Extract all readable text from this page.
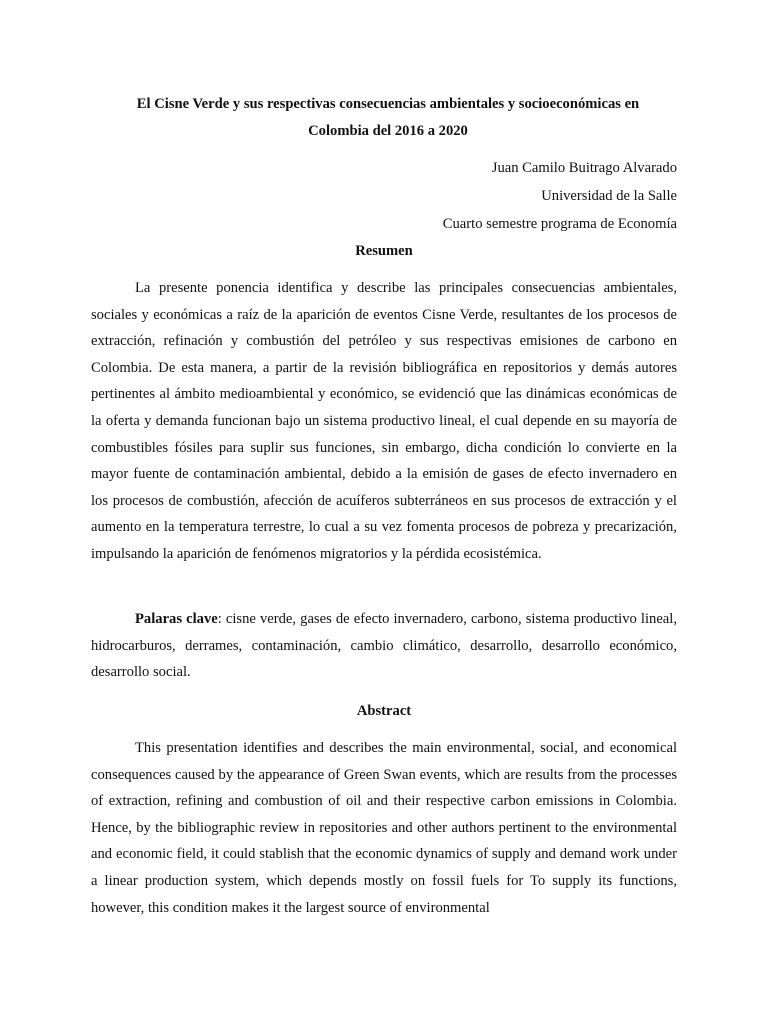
El Cisne Verde y sus respectivas consecuencias ambientales y socioeconómicas en
Colombia del 2016 a 2020
Juan Camilo Buitrago Alvarado
Universidad de la Salle
Cuarto semestre programa de Economía
Resumen

La presente ponencia identifica y describe las principales consecuencias ambientales, sociales y económicas a raíz de la aparición de eventos Cisne Verde, resultantes de los procesos de extracción, refinación y combustión del petróleo y sus respectivas emisiones de carbono en Colombia. De esta manera, a partir de la revisión bibliográfica en repositorios y demás autores pertinentes al ámbito medioambiental y económico, se evidenció que las dinámicas económicas de la oferta y demanda funcionan bajo un sistema productivo lineal, el cual depende en su mayoría de combustibles fósiles para suplir sus funciones, sin embargo, dicha condición lo convierte en la mayor fuente de contaminación ambiental, debido a la emisión de gases de efecto invernadero en los procesos de combustión, afección de acuíferos subterráneos en sus procesos de extracción y el aumento en la temperatura terrestre, lo cual a su vez fomenta procesos de pobreza y precarización, impulsando la aparición de fenómenos migratorios y la pérdida ecosistémica.

Palaras clave: cisne verde, gases de efecto invernadero, carbono, sistema productivo lineal, hidrocarburos, derrames, contaminación, cambio climático, desarrollo, desarrollo económico, desarrollo social.

Abstract

This presentation identifies and describes the main environmental, social, and economical consequences caused by the appearance of Green Swan events, which are results from the processes of extraction, refining and combustion of oil and their respective carbon emissions in Colombia. Hence, by the bibliographic review in repositories and other authors pertinent to the environmental and economic field, it could stablish that the economic dynamics of supply and demand work under a linear production system, which depends mostly on fossil fuels for To supply its functions, however, this condition makes it the largest source of environmental
